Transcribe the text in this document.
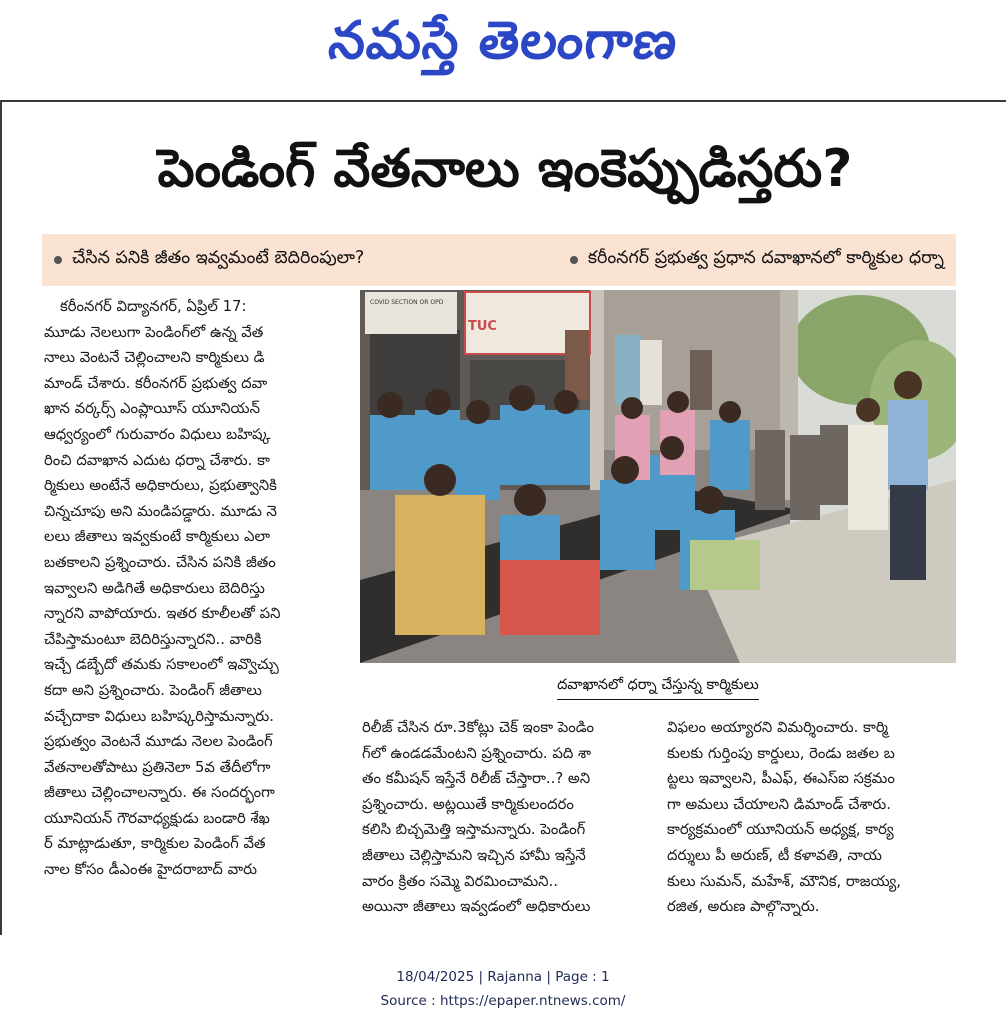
నమస్తే తెలంగాణ
పెండింగ్ వేతనాలు ఇంకెప్పుడిస్తరు?
చేసిన పనికి జీతం ఇవ్వమంటే బెదిరింపులా?	కరీంనగర్ ప్రభుత్వ ప్రధాన దవాఖానలో కార్మికుల ధర్నా
కరీంనగర్ విద్యానగర్, ఏప్రిల్ 17:
మూడు నెలలుగా పెండింగ్‌లో ఉన్న వేత
నాలు వెంటనే చెల్లించాలని కార్మికులు డి
మాండ్ చేశారు. కరీంనగర్ ప్రభుత్వ దవా
ఖాన వర్కర్స్ ఎంప్లాయీస్ యూనియన్
ఆధ్వర్యంలో గురువారం విధులు బహిష్క
రించి దవాఖాన ఎదుట ధర్నా చేశారు. కా
ర్మికులు అంటేనే అధికారులు, ప్రభుత్వానికి
చిన్నచూపు అని మండిపడ్డారు. మూడు నె
లలు జీతాలు ఇవ్వకుంటే కార్మికులు ఎలా
బతకాలని ప్రశ్నించారు. చేసిన పనికి జీతం
ఇవ్వాలని అడిగితే అధికారులు బెదిరిస్తు
న్నారని వాపోయారు. ఇతర కూలీలతో పని
చేపిస్తామంటూ బెదిరిస్తున్నారని.. వారికి
ఇచ్చే డబ్బేదో తమకు సకాలంలో ఇవ్వొచ్చు
కదా అని ప్రశ్నించారు. పెండింగ్ జీతాలు
వచ్చేదాకా విధులు బహిష్కరిస్తామన్నారు.
ప్రభుత్వం వెంటనే మూడు నెలల పెండింగ్
వేతనాలతోపాటు ప్రతినెలా 5వ తేదీలోగా
జీతాలు చెల్లించాలన్నారు. ఈ సందర్భంగా
యూనియన్ గౌరవాధ్యక్షుడు బండారి శేఖ
ర్ మాట్లాడుతూ, కార్మికుల పెండింగ్ వేత
నాల కోసం డీఎంఈ హైదరాబాద్ వారు
COVID SECTION OR OPD
TUC
దవాఖానలో ధర్నా చేస్తున్న కార్మికులు
రిలీజ్ చేసిన రూ.3కోట్లు చెక్ ఇంకా పెండిం
గ్‌లో ఉండడమేంటని ప్రశ్నించారు. పది శా
తం కమీషన్ ఇస్తేనే రిలీజ్ చేస్తారా..? అని
ప్రశ్నించారు. అట్లయితే కార్మికులందరం
కలిసి బిచ్చమెత్తి ఇస్తామన్నారు. పెండింగ్
జీతాలు చెల్లిస్తామని ఇచ్చిన హామీ ఇస్తేనే
వారం క్రితం సమ్మె విరమించామని..
అయినా జీతాలు ఇవ్వడంలో అధికారులు
విఫలం అయ్యారని విమర్శించారు. కార్మి
కులకు గుర్తింపు కార్డులు, రెండు జతల బ
ట్టలు ఇవ్వాలని, పీఎఫ్, ఈఎస్ఐ సక్రమం
గా అమలు చేయాలని డిమాండ్ చేశారు.
కార్యక్రమంలో యూనియన్ అధ్యక్ష, కార్య
దర్శులు పీ అరుణ్, టీ కళావతి, నాయ
కులు సుమన్, మహేశ్, మౌనిక, రాజయ్య,
రజిత, అరుణ పాల్గొన్నారు.
18/04/2025 | Rajanna | Page : 1
Source : https://epaper.ntnews.com/
